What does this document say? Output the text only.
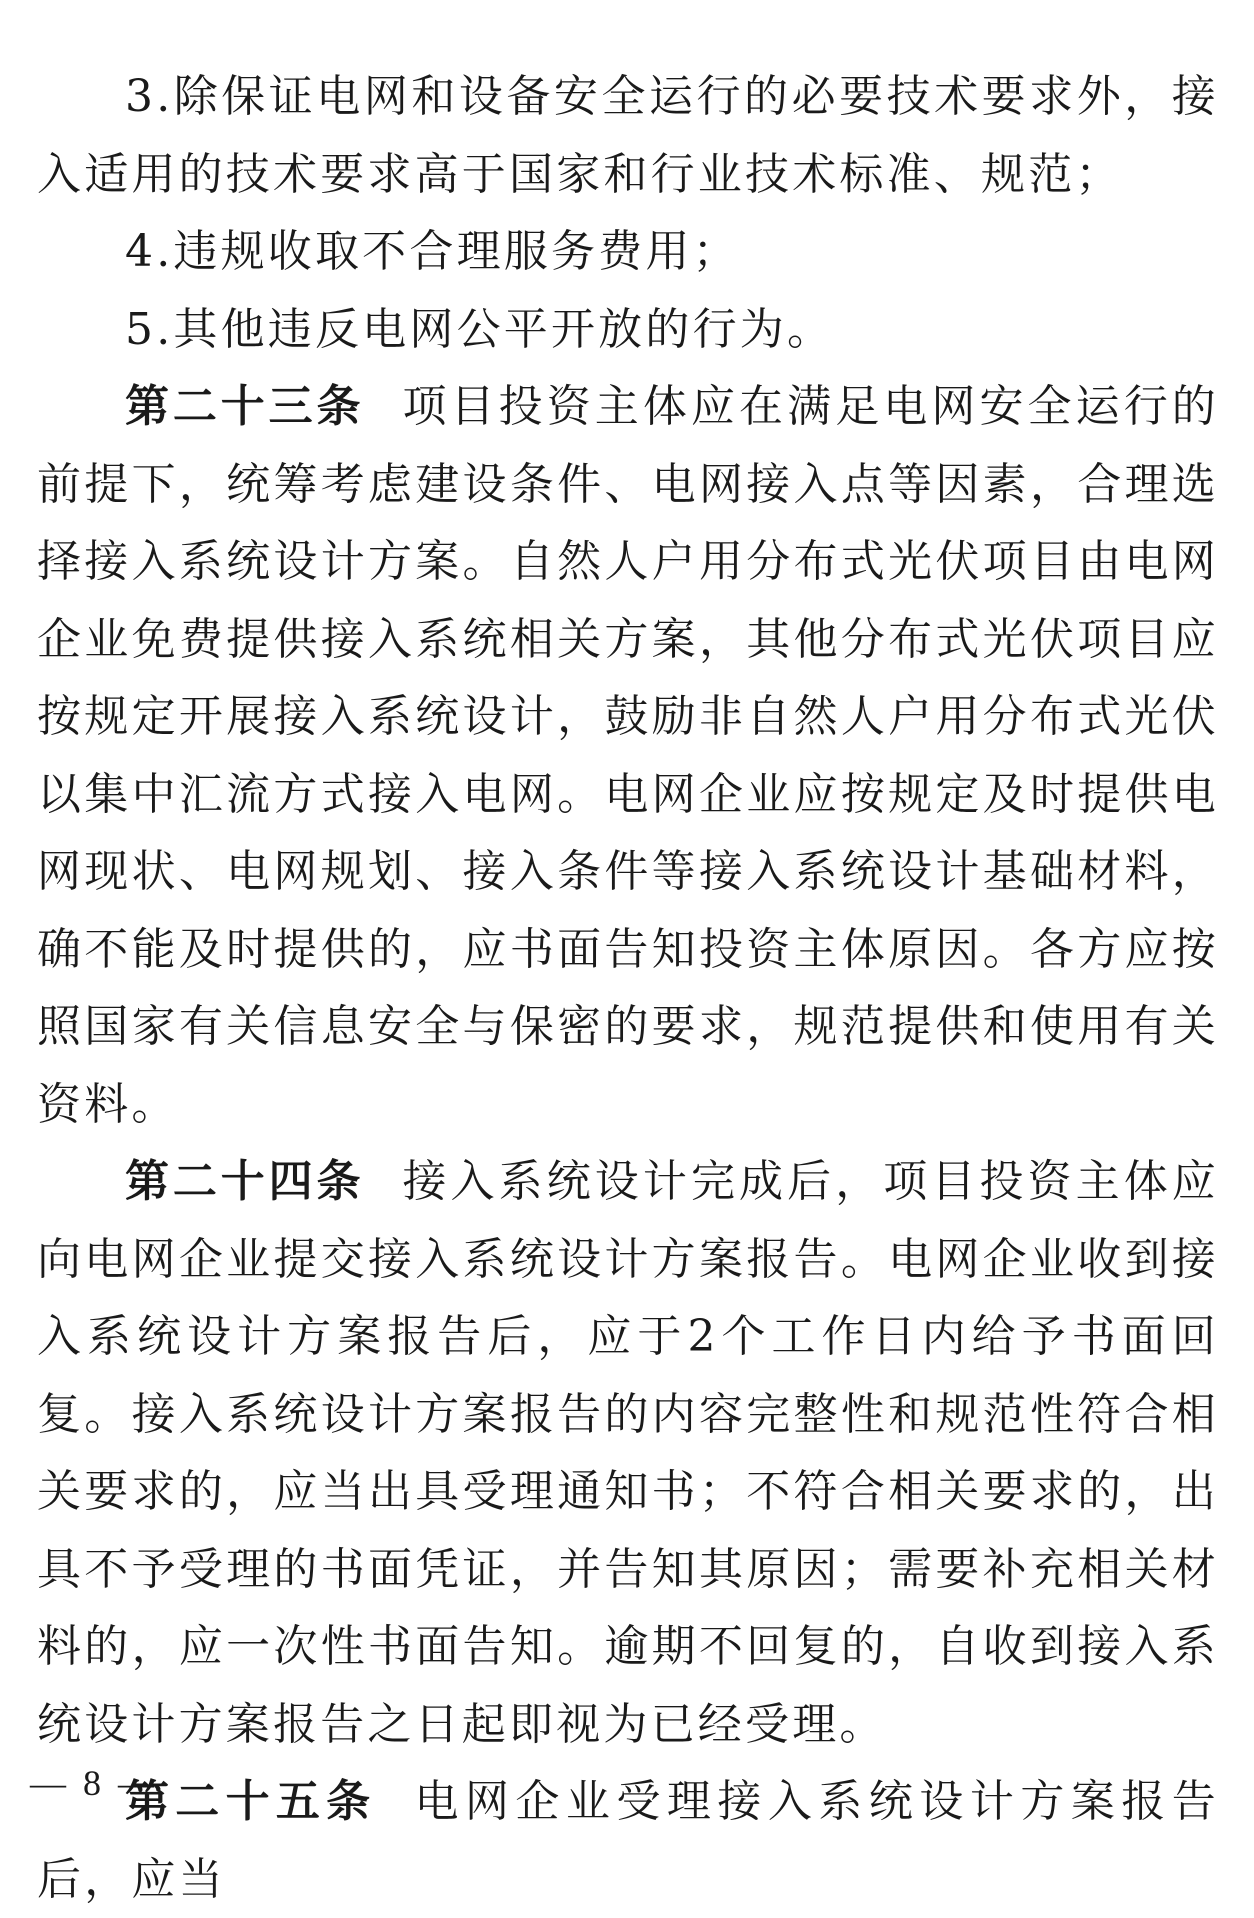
3.除保证电网和设备安全运行的必要技术要求外，接入适用的技术要求高于国家和行业技术标准、规范；

4.违规收取不合理服务费用；

5.其他违反电网公平开放的行为。

第二十三条 项目投资主体应在满足电网安全运行的前提下，统筹考虑建设条件、电网接入点等因素，合理选择接入系统设计方案。自然人户用分布式光伏项目由电网企业免费提供接入系统相关方案，其他分布式光伏项目应按规定开展接入系统设计，鼓励非自然人户用分布式光伏以集中汇流方式接入电网。电网企业应按规定及时提供电网现状、电网规划、接入条件等接入系统设计基础材料，确不能及时提供的，应书面告知投资主体原因。各方应按照国家有关信息安全与保密的要求，规范提供和使用有关资料。

第二十四条 接入系统设计完成后，项目投资主体应向电网企业提交接入系统设计方案报告。电网企业收到接入系统设计方案报告后，应于2个工作日内给予书面回复。接入系统设计方案报告的内容完整性和规范性符合相关要求的，应当出具受理通知书；不符合相关要求的，出具不予受理的书面凭证，并告知其原因；需要补充相关材料的，应一次性书面告知。逾期不回复的，自收到接入系统设计方案报告之日起即视为已经受理。

第二十五条 电网企业受理接入系统设计方案报告后，应当

— 8 —
